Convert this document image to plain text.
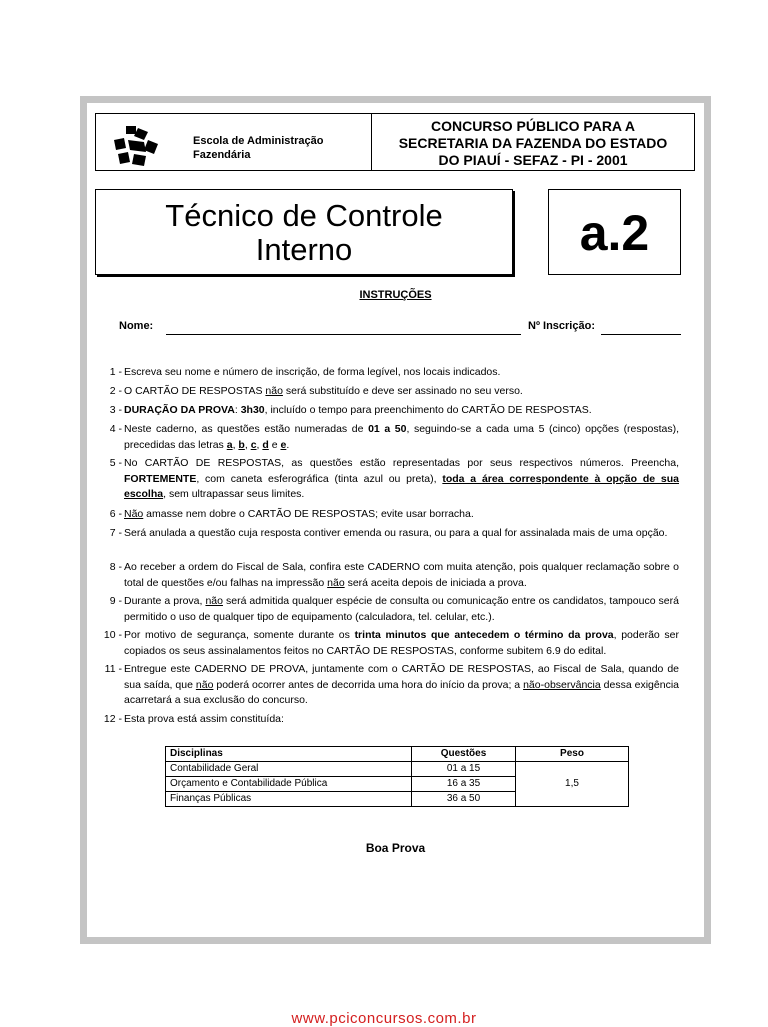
Escola de Administração
Fazendária
CONCURSO PÚBLICO PARA A
SECRETARIA DA FAZENDA DO ESTADO
DO PIAUÍ - SEFAZ - PI - 2001
Técnico de Controle
Interno	a.2
INSTRUÇÕES
Nome:	Nº Inscrição:
1 - Escreva seu nome e número de inscrição, de forma legível, nos locais indicados.
2 - O CARTÃO DE RESPOSTAS não será substituído e deve ser assinado no seu verso.
3 - DURAÇÃO DA PROVA: 3h30, incluído o tempo para preenchimento do CARTÃO DE RESPOSTAS.
4 - Neste caderno, as questões estão numeradas de 01 a 50, seguindo-se a cada uma 5 (cinco) opções (respostas), precedidas das letras a, b, c, d e e.
5 - No CARTÃO DE RESPOSTAS, as questões estão representadas por seus respectivos números. Preencha, FORTEMENTE, com caneta esferográfica (tinta azul ou preta), toda a área correspondente à opção de sua escolha, sem ultrapassar seus limites.
6 - Não amasse nem dobre o CARTÃO DE RESPOSTAS; evite usar borracha.
7 - Será anulada a questão cuja resposta contiver emenda ou rasura, ou para a qual for assinalada mais de uma opção.
8 - Ao receber a ordem do Fiscal de Sala, confira este CADERNO com muita atenção, pois qualquer reclamação sobre o total de questões e/ou falhas na impressão não será aceita depois de iniciada a prova.
9 - Durante a prova, não será admitida qualquer espécie de consulta ou comunicação entre os candidatos, tampouco será permitido o uso de qualquer tipo de equipamento (calculadora, tel. celular, etc.).
10 - Por motivo de segurança, somente durante os trinta minutos que antecedem o término da prova, poderão ser copiados os seus assinalamentos feitos no CARTÃO DE RESPOSTAS, conforme subitem 6.9 do edital.
11 - Entregue este CADERNO DE PROVA, juntamente com o CARTÃO DE RESPOSTAS, ao Fiscal de Sala, quando de sua saída, que não poderá ocorrer antes de decorrida uma hora do início da prova; a não-observância dessa exigência acarretará a sua exclusão do concurso.
12 - Esta prova está assim constituída:
Disciplinas	Questões	Peso
Contabilidade Geral	01 a 15	1,5
Orçamento e Contabilidade Pública	16 a 35	
Finanças Públicas	36 a 50	
Boa Prova
www.pciconcursos.com.br
